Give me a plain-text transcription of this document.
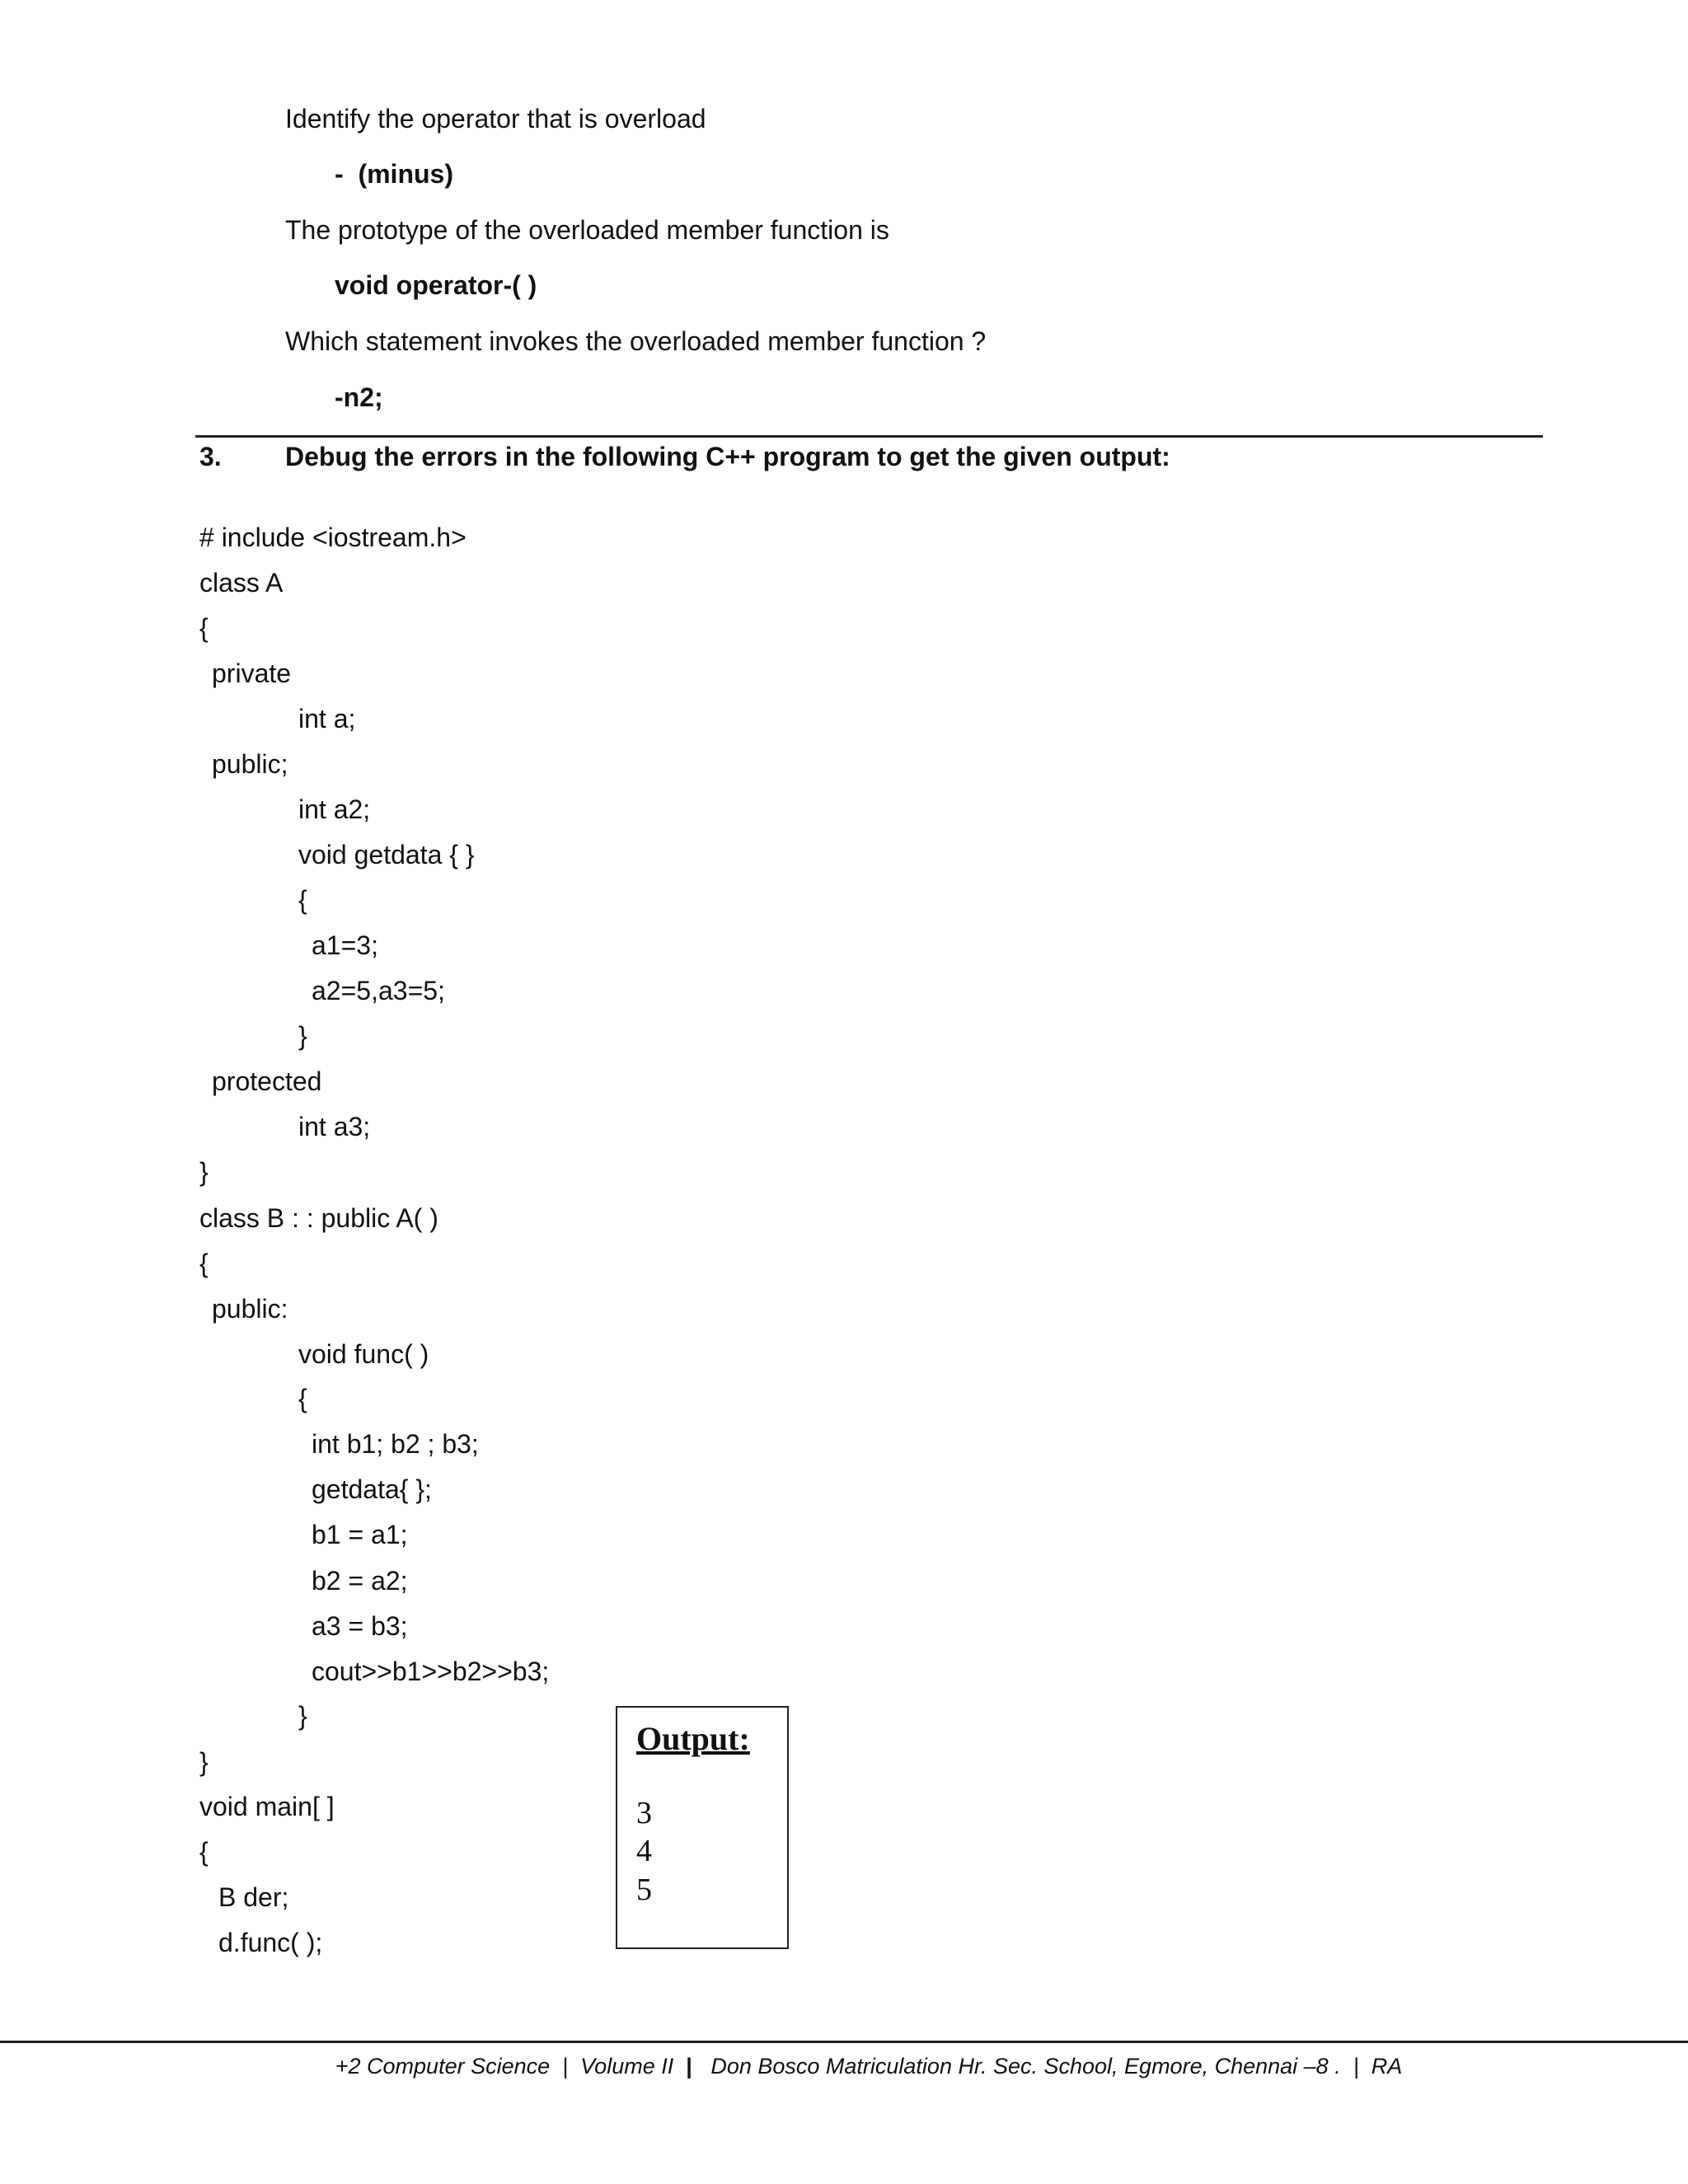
Identify the operator that is overload
-  (minus)
The prototype of the overloaded member function is
void operator-( )
Which statement invokes the overloaded member function ?
-n2;
3. Debug the errors in the following C++ program to get the given output:
# include <iostream.h>
class A
{
private
int a;
public;
int a2;
void getdata { }
{
a1=3;
a2=5,a3=5;
}
protected
int a3;
}
class B : : public A( )
{
public:
void func( )
{
int b1; b2 ; b3;
getdata{ };
b1 = a1;
b2 = a2;
a3 = b3;
cout>>b1>>b2>>b3;
}
}
void main[ ]
{
B der;
d.func( );
Output:
3
4
5
+2 Computer Science  |  Volume II | Don Bosco Matriculation Hr. Sec. School, Egmore, Chennai –8 .  |  RA
